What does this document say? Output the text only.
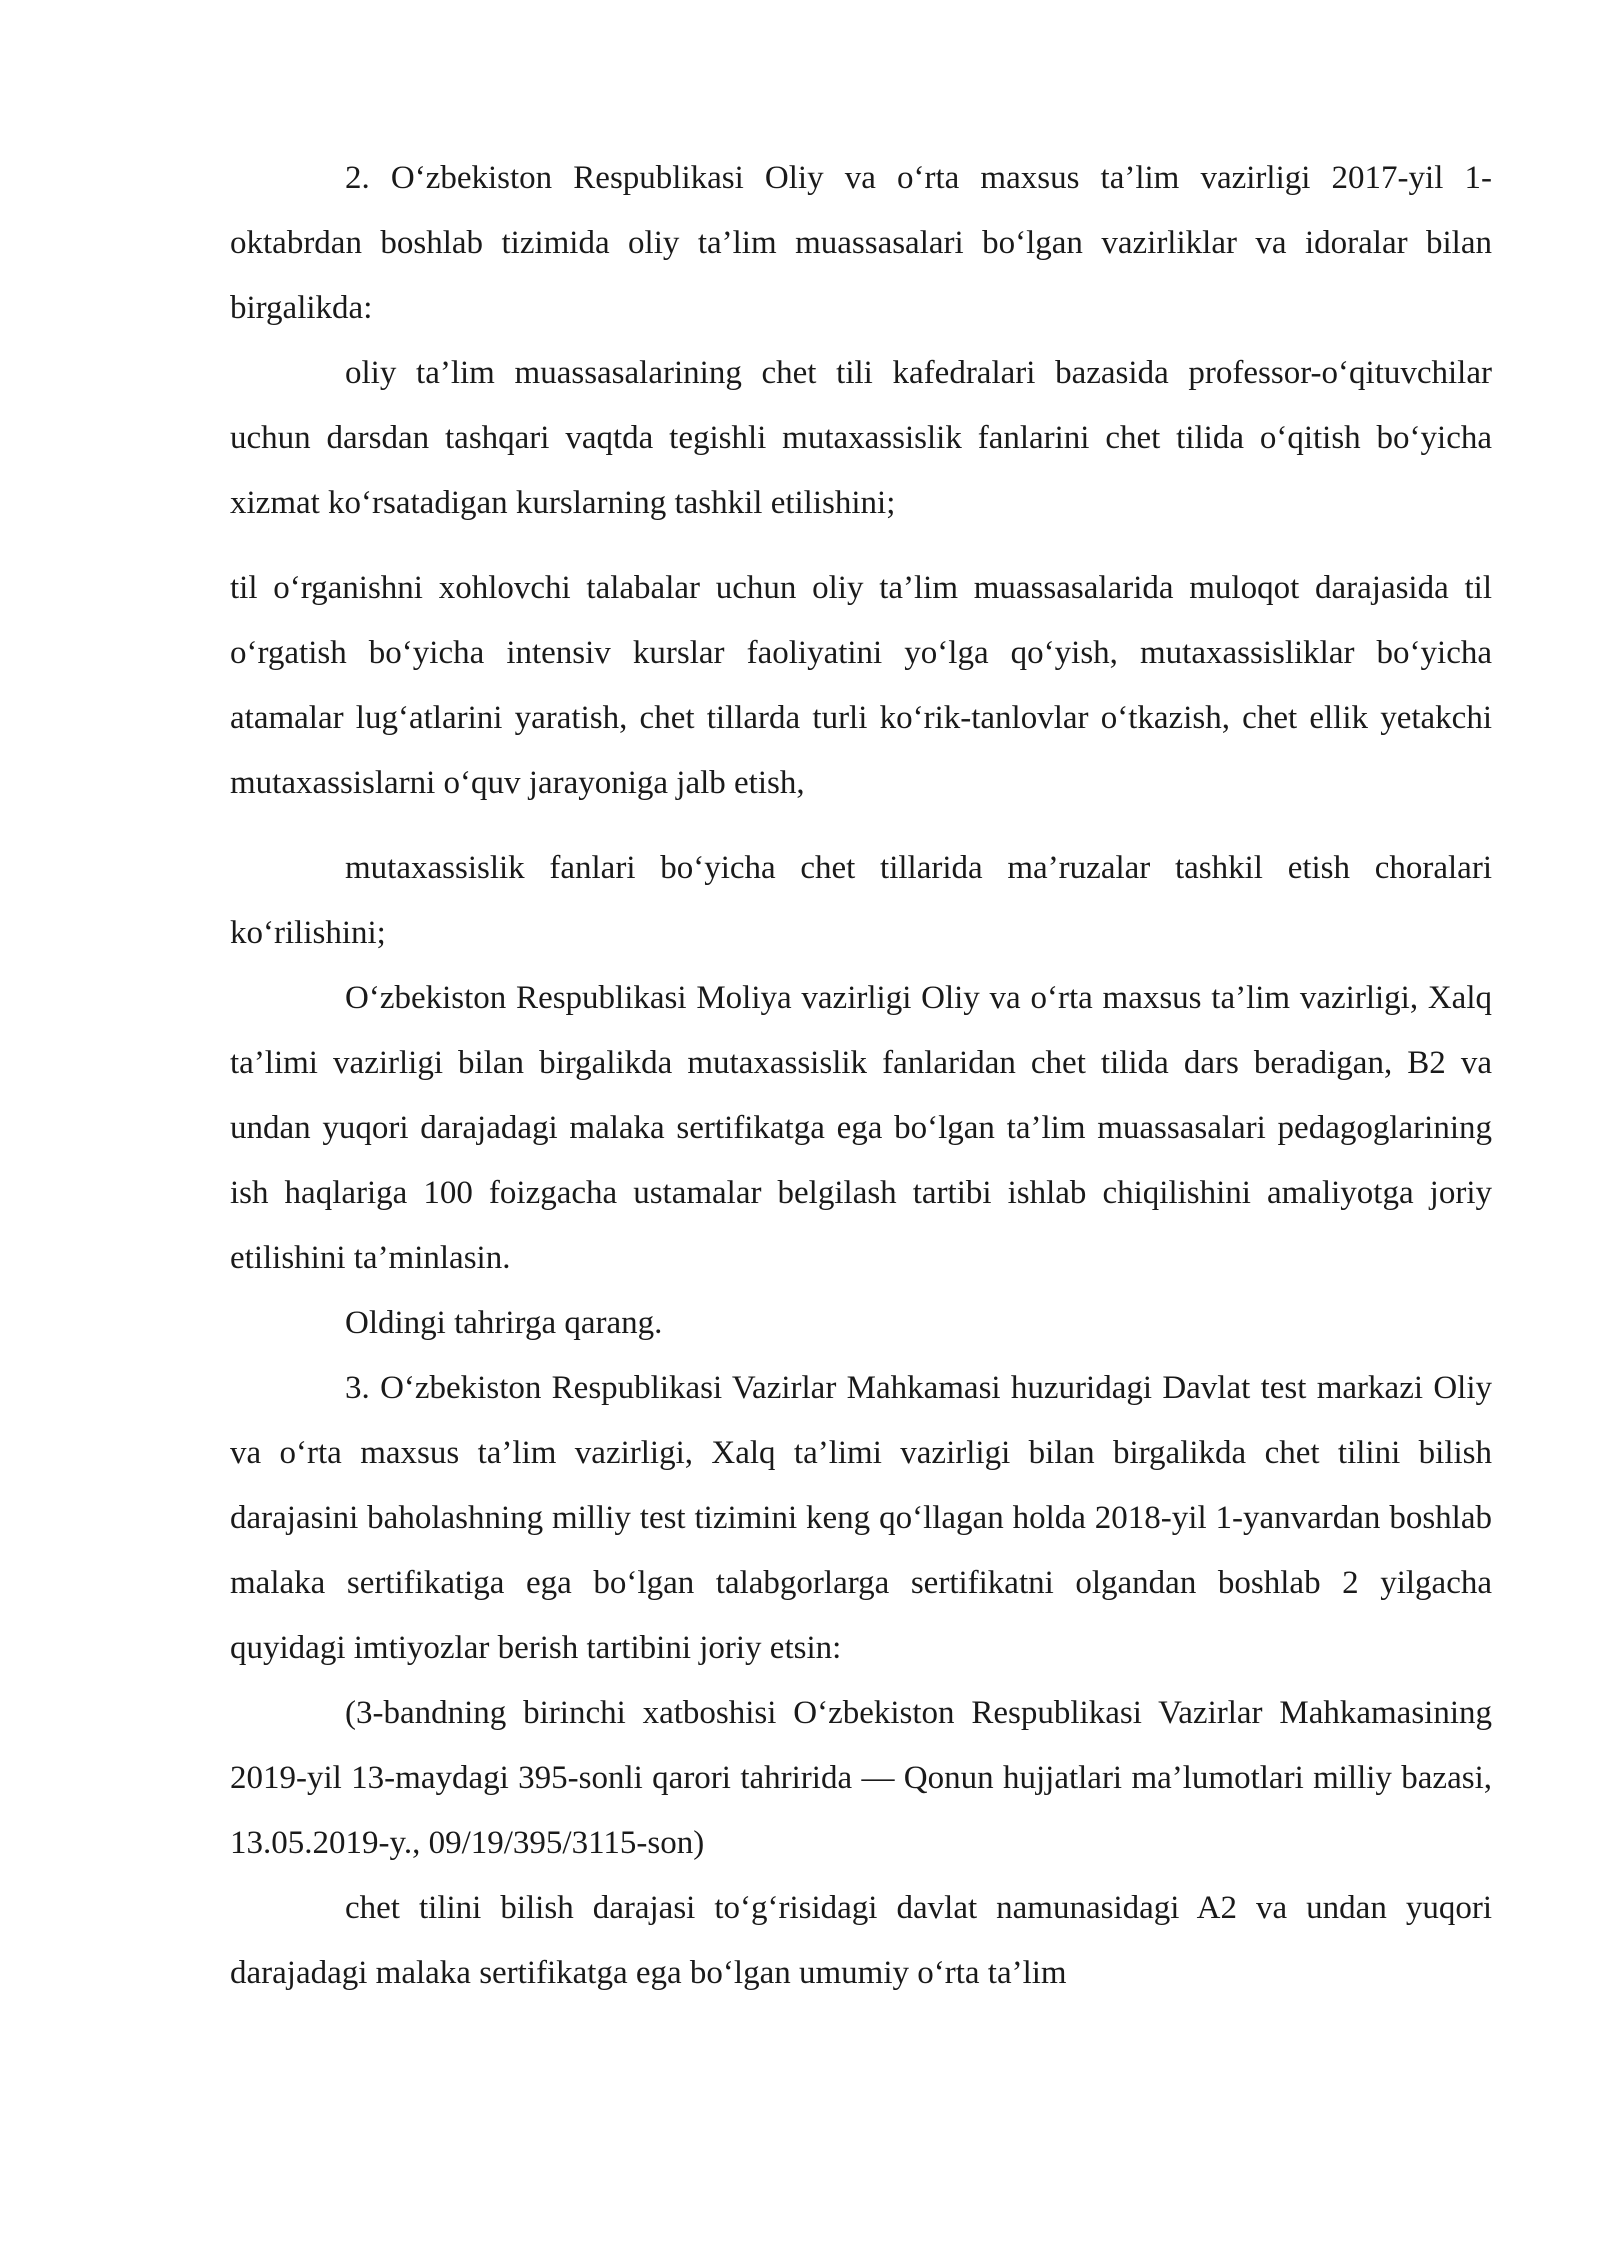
2. O‘zbekiston Respublikasi Oliy va o‘rta maxsus ta’lim vazirligi 2017-yil 1-oktabrdan boshlab tizimida oliy ta’lim muassasalari bo‘lgan vazirliklar va idoralar bilan birgalikda:

oliy ta’lim muassasalarining chet tili kafedralari bazasida professor-o‘qituvchilar uchun darsdan tashqari vaqtda tegishli mutaxassislik fanlarini chet tilida o‘qitish bo‘yicha xizmat ko‘rsatadigan kurslarning tashkil etilishini;

til o‘rganishni xohlovchi talabalar uchun oliy ta’lim muassasalarida muloqot darajasida til o‘rgatish bo‘yicha intensiv kurslar faoliyatini yo‘lga qo‘yish, mutaxassisliklar bo‘yicha atamalar lug‘atlarini yaratish, chet tillarda turli ko‘rik-tanlovlar o‘tkazish, chet ellik yetakchi mutaxassislarni o‘quv jarayoniga jalb etish,

mutaxassislik fanlari bo‘yicha chet tillarida ma’ruzalar tashkil etish choralari ko‘rilishini;

O‘zbekiston Respublikasi Moliya vazirligi Oliy va o‘rta maxsus ta’lim vazirligi, Xalq ta’limi vazirligi bilan birgalikda mutaxassislik fanlaridan chet tilida dars beradigan, B2 va undan yuqori darajadagi malaka sertifikatga ega bo‘lgan ta’lim muassasalari pedagoglarining ish haqlariga 100 foizgacha ustamalar belgilash tartibi ishlab chiqilishini amaliyotga joriy etilishini ta’minlasin.

Oldingi tahrirga qarang.

3. O‘zbekiston Respublikasi Vazirlar Mahkamasi huzuridagi Davlat test markazi Oliy va o‘rta maxsus ta’lim vazirligi, Xalq ta’limi vazirligi bilan birgalikda chet tilini bilish darajasini baholashning milliy test tizimini keng qo‘llagan holda 2018-yil 1-yanvardan boshlab malaka sertifikatiga ega bo‘lgan talabgorlarga sertifikatni olgandan boshlab 2 yilgacha quyidagi imtiyozlar berish tartibini joriy etsin:

(3-bandning birinchi xatboshisi O‘zbekiston Respublikasi Vazirlar Mahkamasining 2019-yil 13-maydagi 395-sonli qarori tahririda — Qonun hujjatlari ma’lumotlari milliy bazasi, 13.05.2019-y., 09/19/395/3115-son)

chet tilini bilish darajasi to‘g‘risidagi davlat namunasidagi A2 va undan yuqori darajadagi malaka sertifikatga ega bo‘lgan umumiy o‘rta ta’lim
